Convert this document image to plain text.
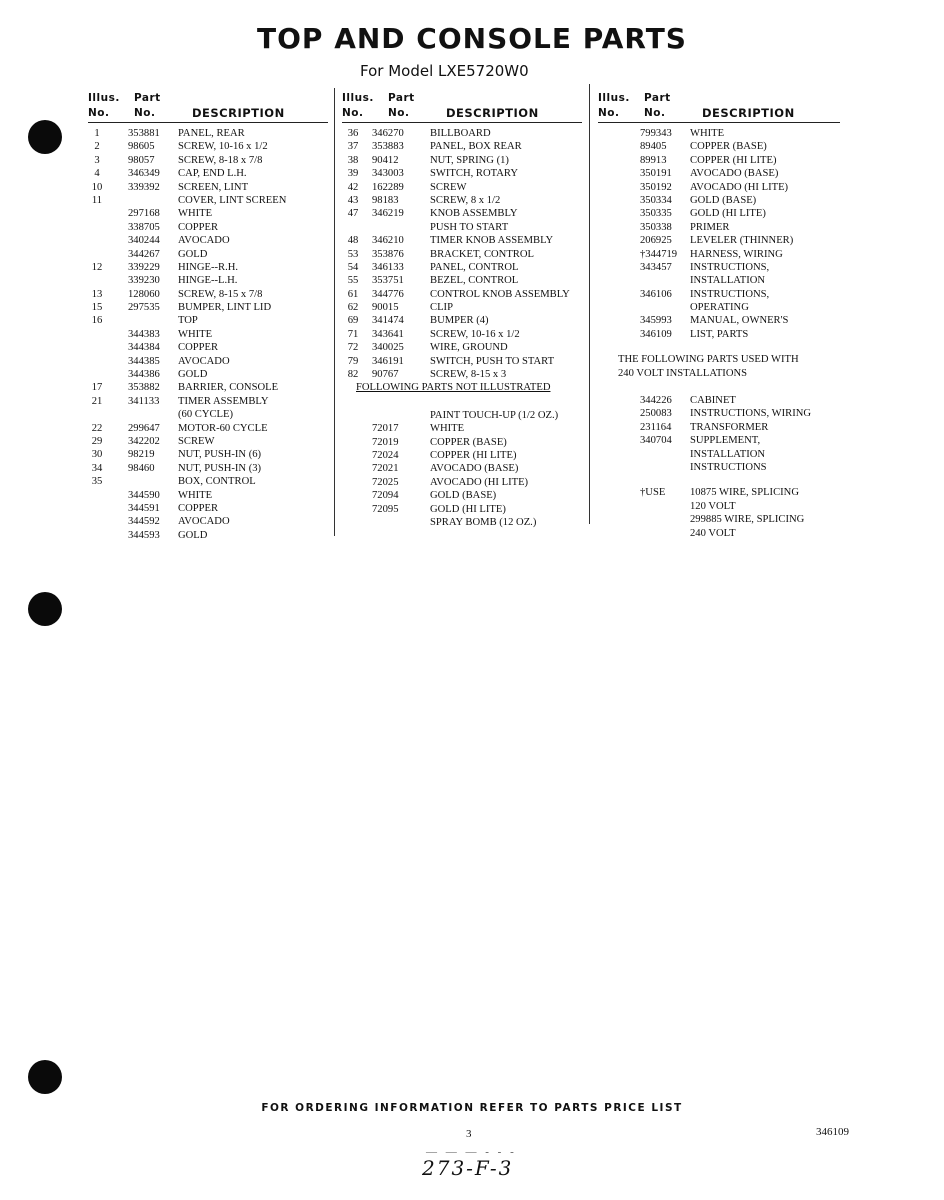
TOP AND CONSOLE PARTS
For Model LXE5720W0
Illus.
No.
Part
No.	DESCRIPTION
1	353881	PANEL, REAR
2	98605	SCREW, 10-16 x 1/2
3	98057	SCREW, 8-18 x 7/8
4	346349	CAP, END L.H.
10	339392	SCREEN, LINT
11	COVER, LINT SCREEN
297168	WHITE
338705	COPPER
340244	AVOCADO
344267	GOLD
12	339229	HINGE--R.H.
339230	HINGE--L.H.
13	128060	SCREW, 8-15 x 7/8
15	297535	BUMPER, LINT LID
16	TOP
344383	WHITE
344384	COPPER
344385	AVOCADO
344386	GOLD
17	353882	BARRIER, CONSOLE
21	341133	TIMER ASSEMBLY
(60 CYCLE)
22	299647	MOTOR-60 CYCLE
29	342202	SCREW
30	98219	NUT, PUSH-IN (6)
34	98460	NUT, PUSH-IN (3)
35	BOX, CONTROL
344590	WHITE
344591	COPPER
344592	AVOCADO
344593	GOLD
Illus.
No.
Part
No.	DESCRIPTION
36	346270	BILLBOARD
37	353883	PANEL, BOX REAR
38	90412	NUT, SPRING (1)
39	343003	SWITCH, ROTARY
42	162289	SCREW
43	98183	SCREW, 8 x 1/2
47	346219	KNOB ASSEMBLY
PUSH TO START
48	346210	TIMER KNOB ASSEMBLY
53	353876	BRACKET, CONTROL
54	346133	PANEL, CONTROL
55	353751	BEZEL, CONTROL
61	344776	CONTROL KNOB ASSEMBLY
62	90015	CLIP
69	341474	BUMPER (4)
71	343641	SCREW, 10-16 x 1/2
72	340025	WIRE, GROUND
79	346191	SWITCH, PUSH TO START
82	90767	SCREW, 8-15 x 3
FOLLOWING PARTS NOT ILLUSTRATED
PAINT TOUCH-UP (1/2 OZ.)
72017	WHITE
72019	COPPER (BASE)
72024	COPPER (HI LITE)
72021	AVOCADO (BASE)
72025	AVOCADO (HI LITE)
72094	GOLD (BASE)
72095	GOLD (HI LITE)
SPRAY BOMB (12 OZ.)
Illus.
No.
Part
No.	DESCRIPTION
799343	WHITE
89405	COPPER (BASE)
89913	COPPER (HI LITE)
350191	AVOCADO (BASE)
350192	AVOCADO (HI LITE)
350334	GOLD (BASE)
350335	GOLD (HI LITE)
350338	PRIMER
206925	LEVELER (THINNER)
†344719	HARNESS, WIRING
343457	INSTRUCTIONS,
INSTALLATION
346106	INSTRUCTIONS,
OPERATING
345993	MANUAL, OWNER'S
346109	LIST, PARTS
THE FOLLOWING PARTS USED WITH
240 VOLT INSTALLATIONS
344226	CABINET
250083	INSTRUCTIONS, WIRING
231164	TRANSFORMER
340704	SUPPLEMENT,
INSTALLATION
INSTRUCTIONS
†USE	10875 WIRE, SPLICING
120 VOLT
299885 WIRE, SPLICING
240 VOLT
FOR ORDERING INFORMATION REFER TO PARTS PRICE LIST
3	346109
— — — - - -
273-F-3
